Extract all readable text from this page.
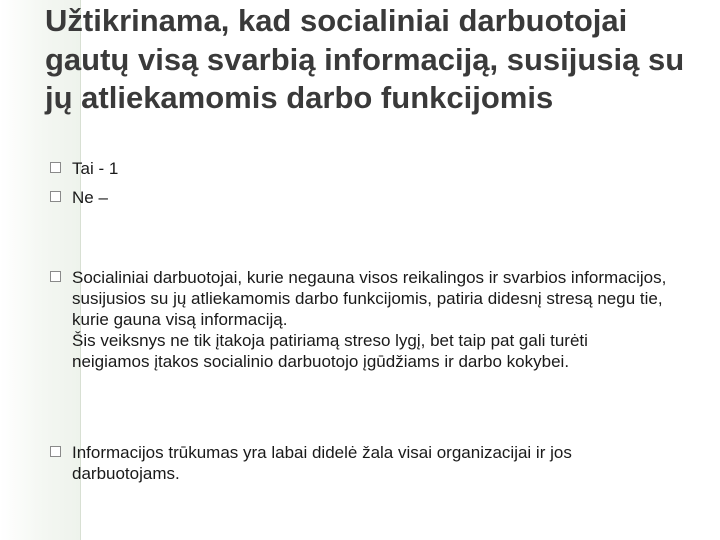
Užtikrinama, kad socialiniai darbuotojai gautų visą svarbią informaciją, susijusią su jų atliekamomis darbo funkcijomis
Tai - 1
Ne –
Socialiniai darbuotojai, kurie negauna visos reikalingos ir svarbios informacijos, susijusios su jų atliekamomis darbo funkcijomis, patiria didesnį stresą negu tie, kurie gauna visą informaciją.
Šis veiksnys ne tik įtakoja patiriamą streso lygį, bet taip pat gali turėti
neigiamos įtakos socialinio darbuotojo įgūdžiams ir darbo kokybei.
Informacijos trūkumas yra labai didelė žala visai organizacijai ir jos darbuotojams.
